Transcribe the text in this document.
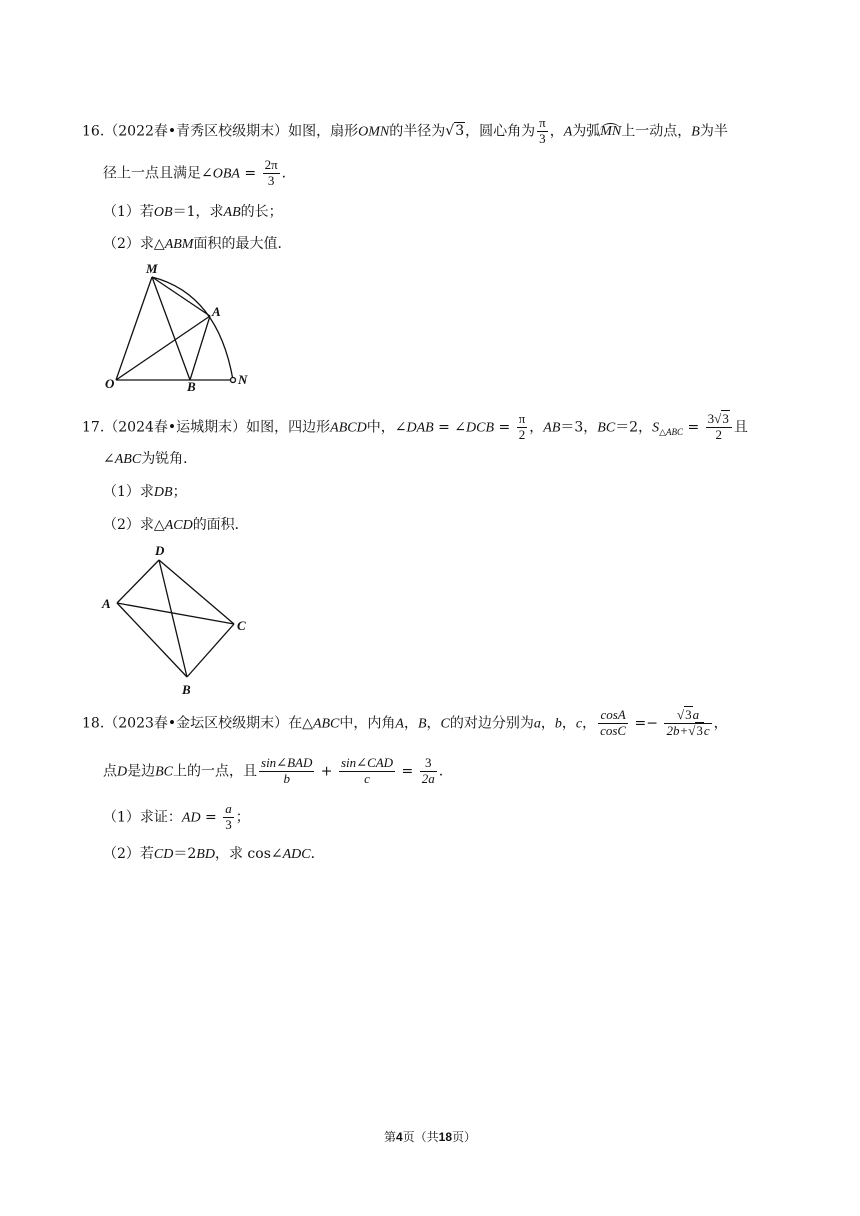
16.（2022春•青秀区校级期末）如图，扇形OMN的半径为√3，圆心角为 $\frac{\pi}{3}$ ，A为弧MN上一动点，B为半
径上一点且满足∠OBA = $\frac{2\pi}{3}$ .
（1）若OB＝1，求AB的长；
（2）求△ABM面积的最大值．
M
A
O	B	N
17.（2024春•运城期末）如图，四边形ABCD中，∠DAB = ∠DCB = $\frac{\pi}{2}$ ，AB＝3，BC＝2，$S_{\triangle ABC} = \frac{3√3}{2}$ 且
∠ABC为锐角．
（1）求DB；
（2）求△ACD的面积．
D
A
C
B
18.（2023春•金坛区校级期末）在△ABC中，内角A，B，C的对边分别为a，b，c， $\frac{\cos A}{\cos C} =- \frac{√3a}{2b+√3c}$ ，
点D是边BC上的一点，且 $\frac{\text{sin∠BAD}}{b} + \frac{\text{sin∠CAD}}{c} = \frac{3}{2a}$ .
（1）求证：AD = $\frac{a}{3}$ ；
（2）若CD＝2BD，求 cos∠ADC．
第4页（共18页）
